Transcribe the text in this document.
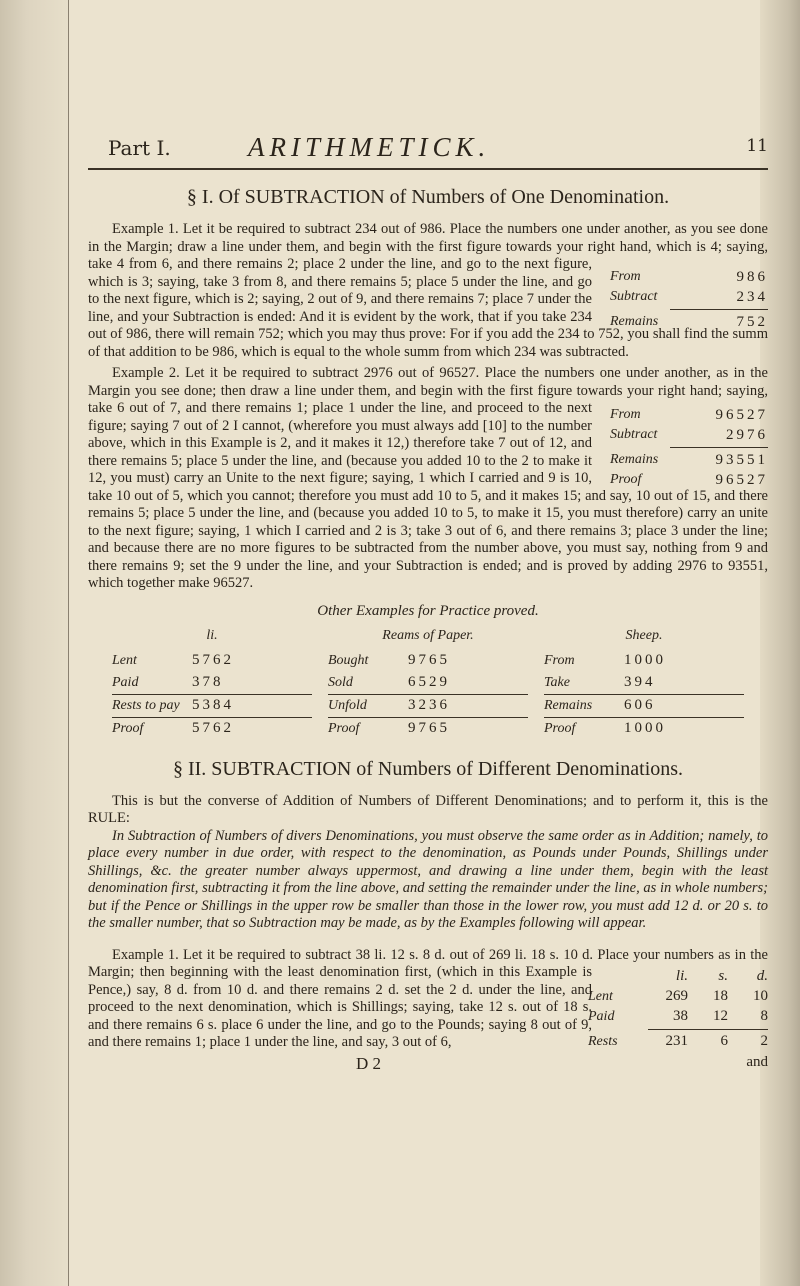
Part I.	ARITHMETICK.	11
§ I. Of SUBTRACTION of Numbers of One Denomination.
From	986
Subtract	234
Remains	752

Example 1. Let it be required to subtract 234 out of 986. Place the numbers one under another, as you see done in the Margin; draw a line under them, and begin with the first figure towards your right hand, which is 4; saying, take 4 from 6, and there remains 2; place 2 under the line, and go to the next figure, which is 3; saying, take 3 from 8, and there remains 5; place 5 under the line, and go to the next figure, which is 2; saying, 2 out of 9, and there remains 7; place 7 under the line, and your Subtraction is ended: And it is evident by the work, that if you take 234 out of 986, there will remain 752; which you may thus prove: For if you add the 234 to 752, you shall find the summ of that addition to be 986, which is equal to the whole summ from which 234 was subtracted.

From	96527
Subtract	2976
Remains	93551
Proof	96527

Example 2. Let it be required to subtract 2976 out of 96527. Place the numbers one under another, as in the Margin you see done; then draw a line under them, and begin with the first figure towards your right hand; saying, take 6 out of 7, and there remains 1; place 1 under the line, and proceed to the next figure; saying 7 out of 2 I cannot, (wherefore you must always add [10] to the number above, which in this Example is 2, and it makes it 12,) therefore take 7 out of 12, and there remains 5; place 5 under the line, and (because you added 10 to the 2 to make it 12, you must) carry an Unite to the next figure; saying, 1 which I carried and 9 is 10, take 10 out of 5, which you cannot; therefore you must add 10 to 5, and it makes 15; and say, 10 out of 15, and there remains 5; place 5 under the line, and (because you added 10 to 5, to make it 15, you must therefore) carry an unite to the next figure; saying, 1 which I carried and 2 is 3; take 3 out of 6, and there remains 3; place 3 under the line; and because there are no more figures to be subtracted from the number above, you must say, nothing from 9 and there remains 9; set the 9 under the line, and your Subtraction is ended; and is proved by adding 2976 to 93551, which together make 96527.

Other Examples for Practice proved.
li.
Lent	5762
Paid	378
Rests to pay 5384
Proof	5762
Reams of Paper.
Bought	9765
Sold	6529
Unfold	3236
Proof	9765
Sheep.
From	1000
Take	394
Remains	606
Proof	1000
§ II. SUBTRACTION of Numbers of Different Denominations.

This is but the converse of Addition of Numbers of Different Denominations; and to perform it, this is the RULE:

In Subtraction of Numbers of divers Denominations, you must observe the same order as in Addition; namely, to place every number in due order, with respect to the denomination, as Pounds under Pounds, Shillings under Shillings, &c. the greater number always uppermost, and drawing a line under them, begin with the least denomination first, subtracting it from the line above, and setting the remainder under the line, as in whole numbers; but if the Pence or Shillings in the upper row be smaller than those in the lower row, you must add 12 d. or 20 s. to the smaller number, that so Subtraction may be made, as by the Examples following will appear.

li.	s.	d.
Lent	269	18	10
Paid	38	12	8
Rests	231	6	2

Example 1. Let it be required to subtract 38 li. 12 s. 8 d. out of 269 li. 18 s. 10 d. Place your numbers as in the Margin; then beginning with the least denomination first, (which in this Example is Pence,) say, 8 d. from 10 d. and there remains 2 d. set the 2 d. under the line, and proceed to the next denomination, which is Shillings; saying, take 12 s. out of 18 s. and there remains 6 s. place 6 under the line, and go to the Pounds; saying 8 out of 9, and there remains 1; place 1 under the line, and say, 3 out of 6,

D 2	and
